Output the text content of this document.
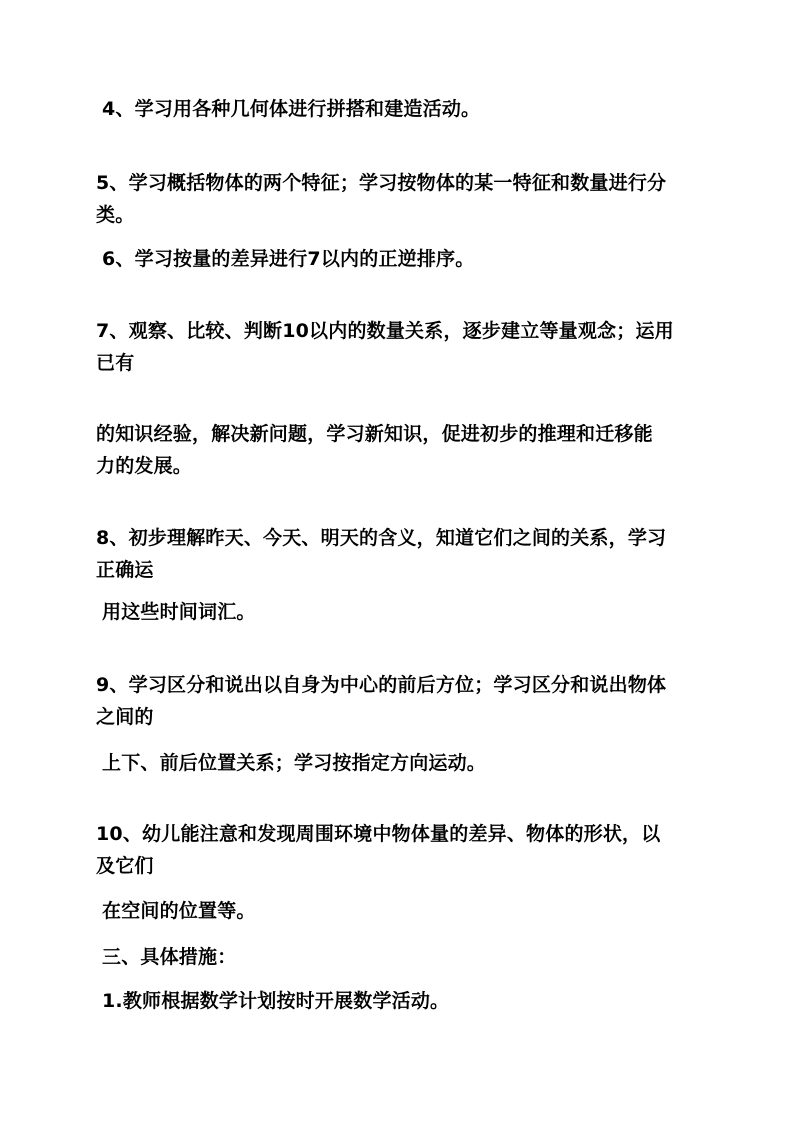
4、学习用各种几何体进行拼搭和建造活动。

5、学习概括物体的两个特征；学习按物体的某一特征和数量进行分

类。

6、学习按量的差异进行7以内的正逆排序。

7、观察、比较、判断10以内的数量关系，逐步建立等量观念；运用

已有

的知识经验，解决新问题，学习新知识，促进初步的推理和迁移能

力的发展。

8、初步理解昨天、今天、明天的含义，知道它们之间的关系，学习

正确运

用这些时间词汇。

9、学习区分和说出以自身为中心的前后方位；学习区分和说出物体

之间的

上下、前后位置关系；学习按指定方向运动。

10、幼儿能注意和发现周围环境中物体量的差异、物体的形状，以

及它们

在空间的位置等。

三、具体措施：

1.教师根据数学计划按时开展数学活动。
